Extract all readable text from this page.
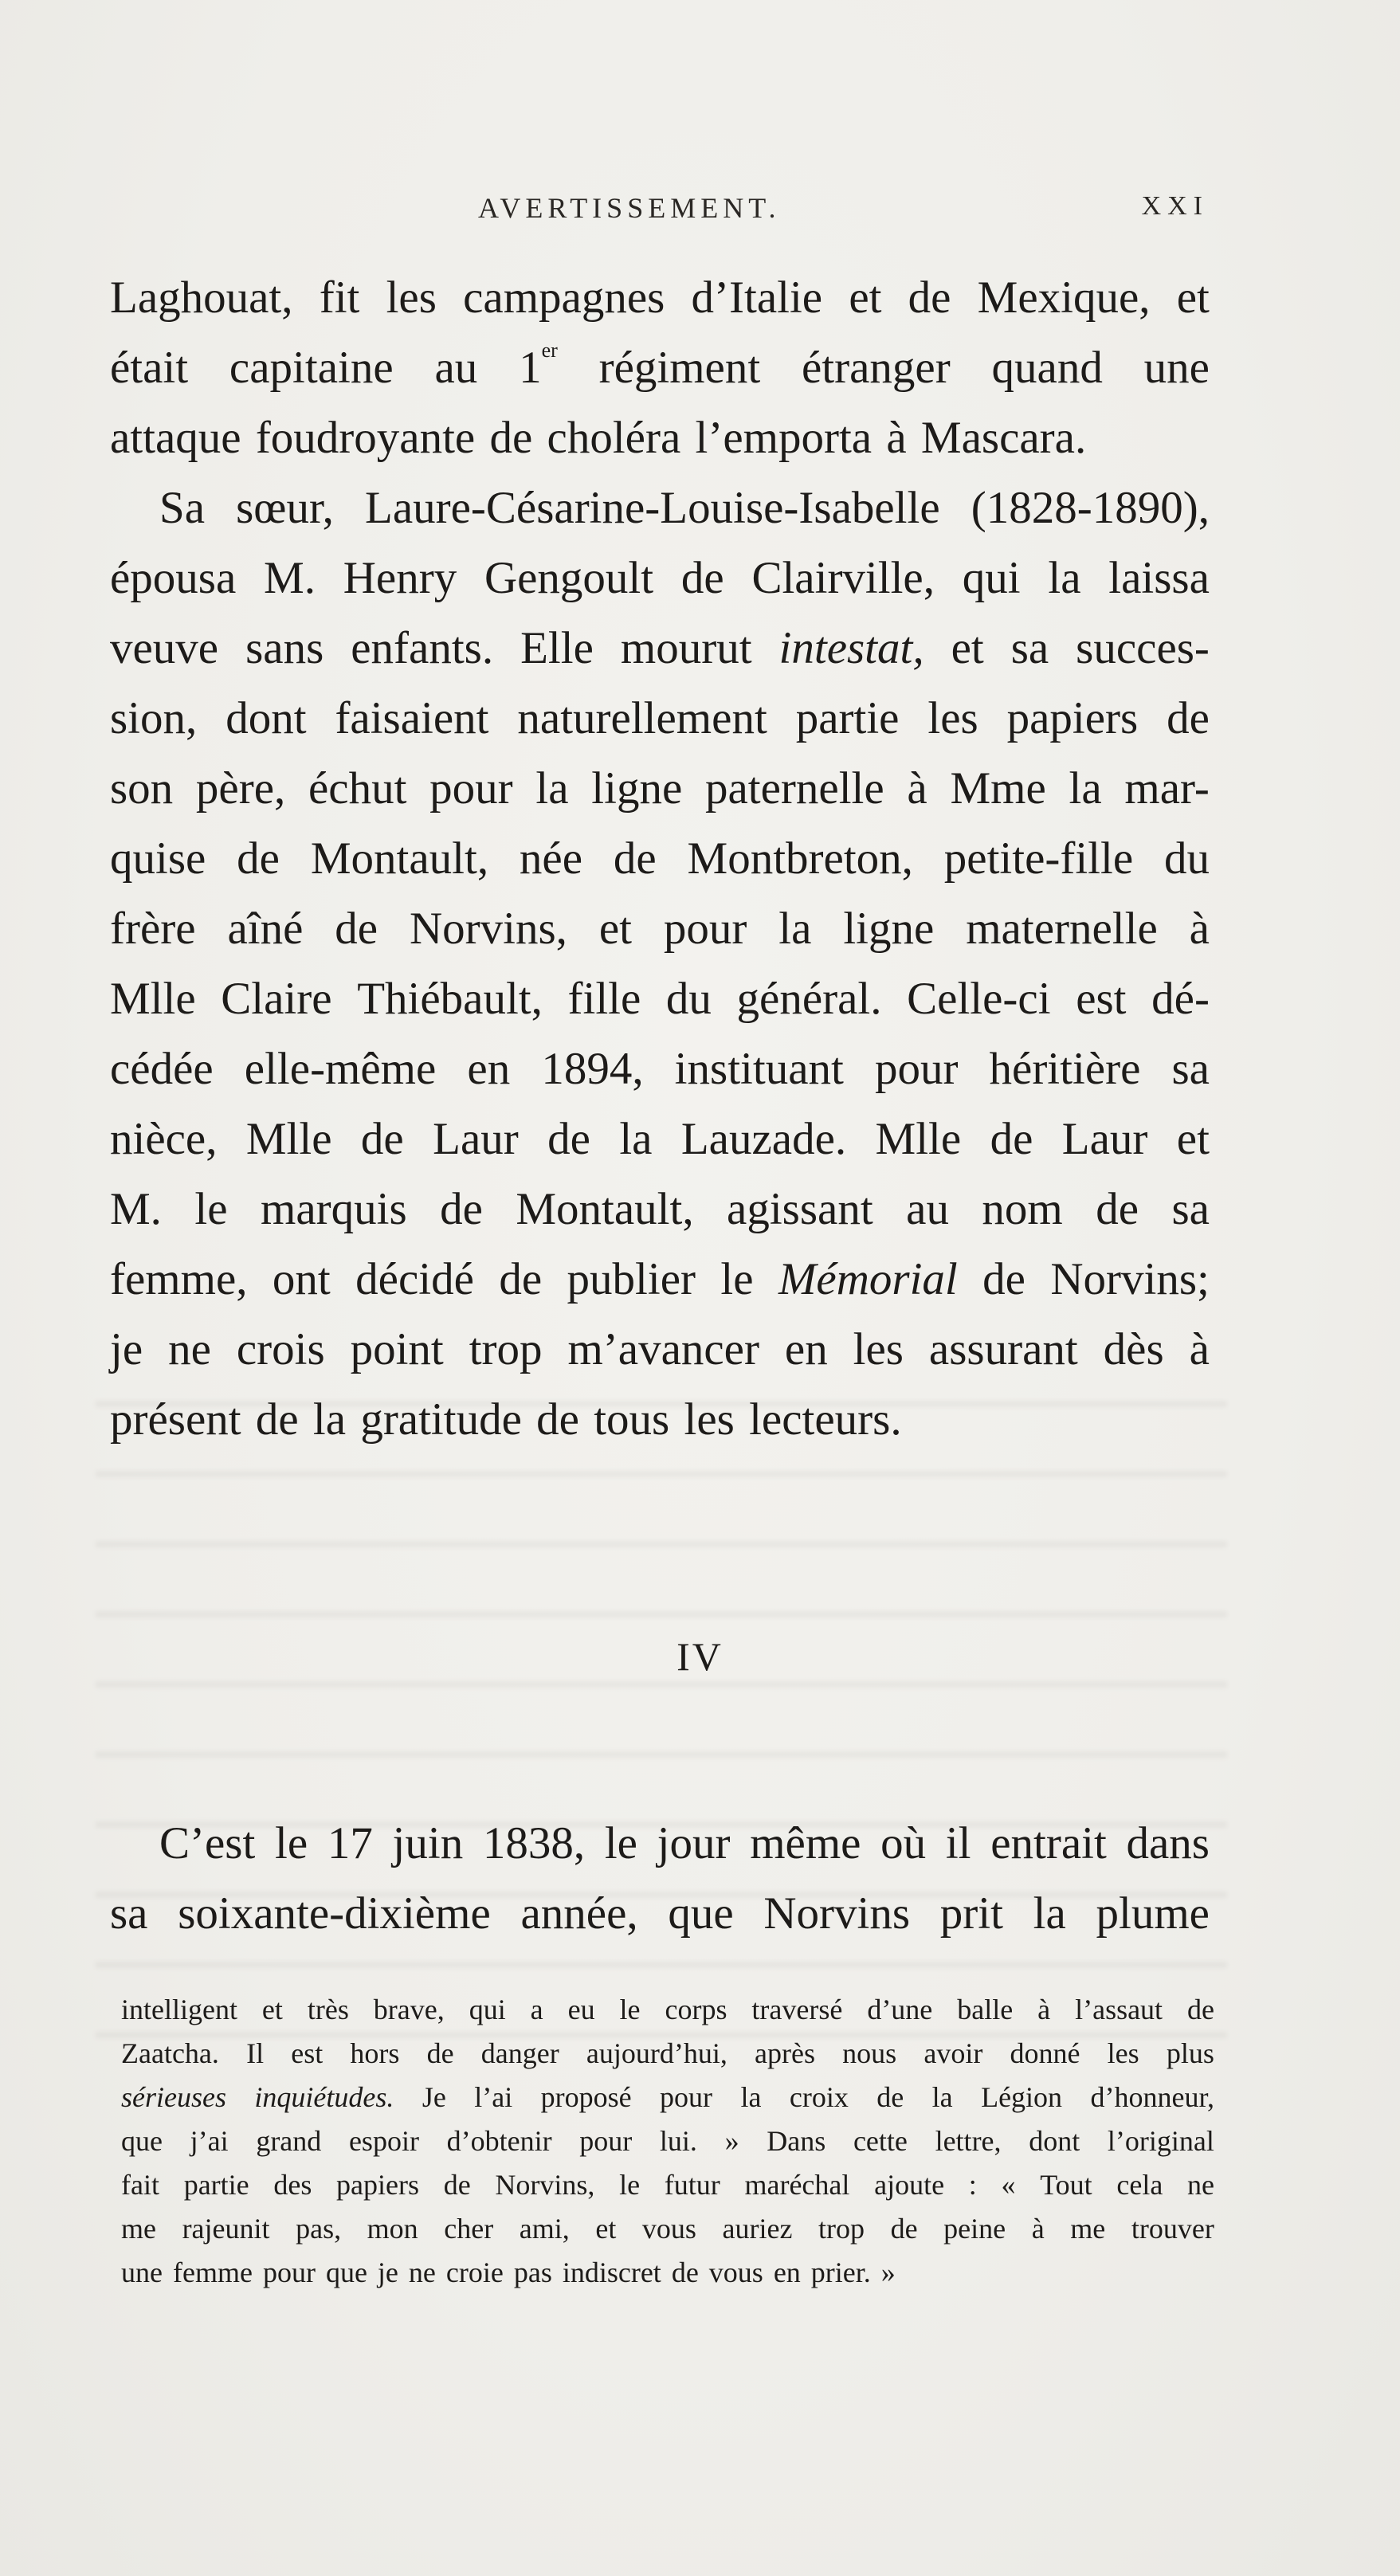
AVERTISSEMENT.	XXI
Laghouat, fit les campagnes d’Italie et de Mexique, et
était capitaine au 1er régiment étranger quand une
attaque foudroyante de choléra l’emporta à Mascara.
Sa sœur, Laure-Césarine-Louise-Isabelle (1828-1890),
épousa M. Henry Gengoult de Clairville, qui la laissa
veuve sans enfants. Elle mourut intestat, et sa succes-
sion, dont faisaient naturellement partie les papiers de
son père, échut pour la ligne paternelle à Mme la mar-
quise de Montault, née de Montbreton, petite-fille du
frère aîné de Norvins, et pour la ligne maternelle à
Mlle Claire Thiébault, fille du général. Celle-ci est dé-
cédée elle-même en 1894, instituant pour héritière sa
nièce, Mlle de Laur de la Lauzade. Mlle de Laur et
M. le marquis de Montault, agissant au nom de sa
femme, ont décidé de publier le Mémorial de Norvins;
je ne crois point trop m’avancer en les assurant dès à
présent de la gratitude de tous les lecteurs.
IV
C’est le 17 juin 1838, le jour même où il entrait dans
sa soixante-dixième année, que Norvins prit la plume
intelligent et très brave, qui a eu le corps traversé d’une balle à l’assaut de
Zaatcha. Il est hors de danger aujourd’hui, après nous avoir donné les plus
sérieuses inquiétudes. Je l’ai proposé pour la croix de la Légion d’honneur,
que j’ai grand espoir d’obtenir pour lui. » Dans cette lettre, dont l’original
fait partie des papiers de Norvins, le futur maréchal ajoute : « Tout cela ne
me rajeunit pas, mon cher ami, et vous auriez trop de peine à me trouver
une femme pour que je ne croie pas indiscret de vous en prier. »
